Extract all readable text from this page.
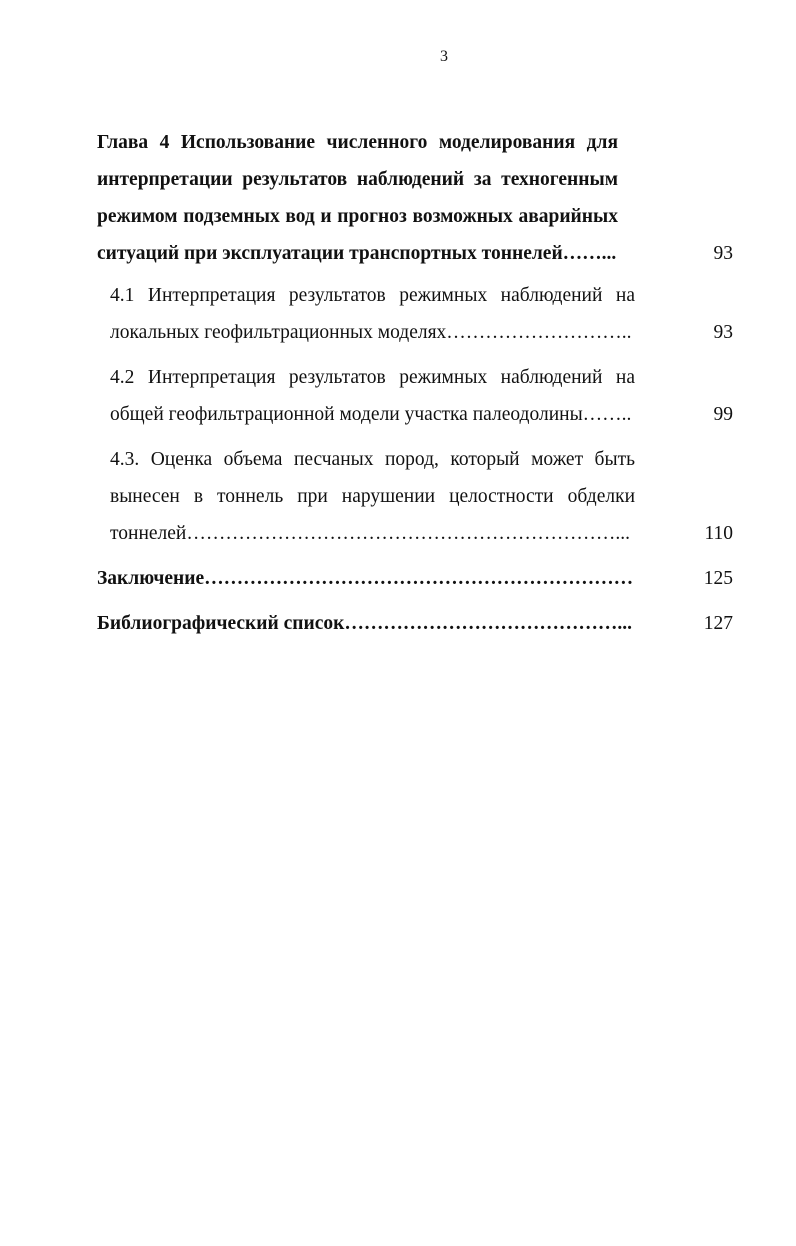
3
Глава 4 Использование численного моделирования для интерпретации результатов наблюдений за техногенным режимом подземных вод и прогноз возможных аварийных ситуаций при эксплуатации транспортных тоннелей……...	93
4.1 Интерпретация результатов режимных наблюдений на локальных геофильтрационных моделях………………………..	93
4.2 Интерпретация результатов режимных наблюдений на общей геофильтрационной модели участка палеодолины……..	99
4.3. Оценка объема песчаных пород, который может быть вынесен в тоннель при нарушении целостности обделки тоннелей…………………………………………………………...	110
Заключение…………………………………………………………	125
Библиографический список……………………………………...	127
